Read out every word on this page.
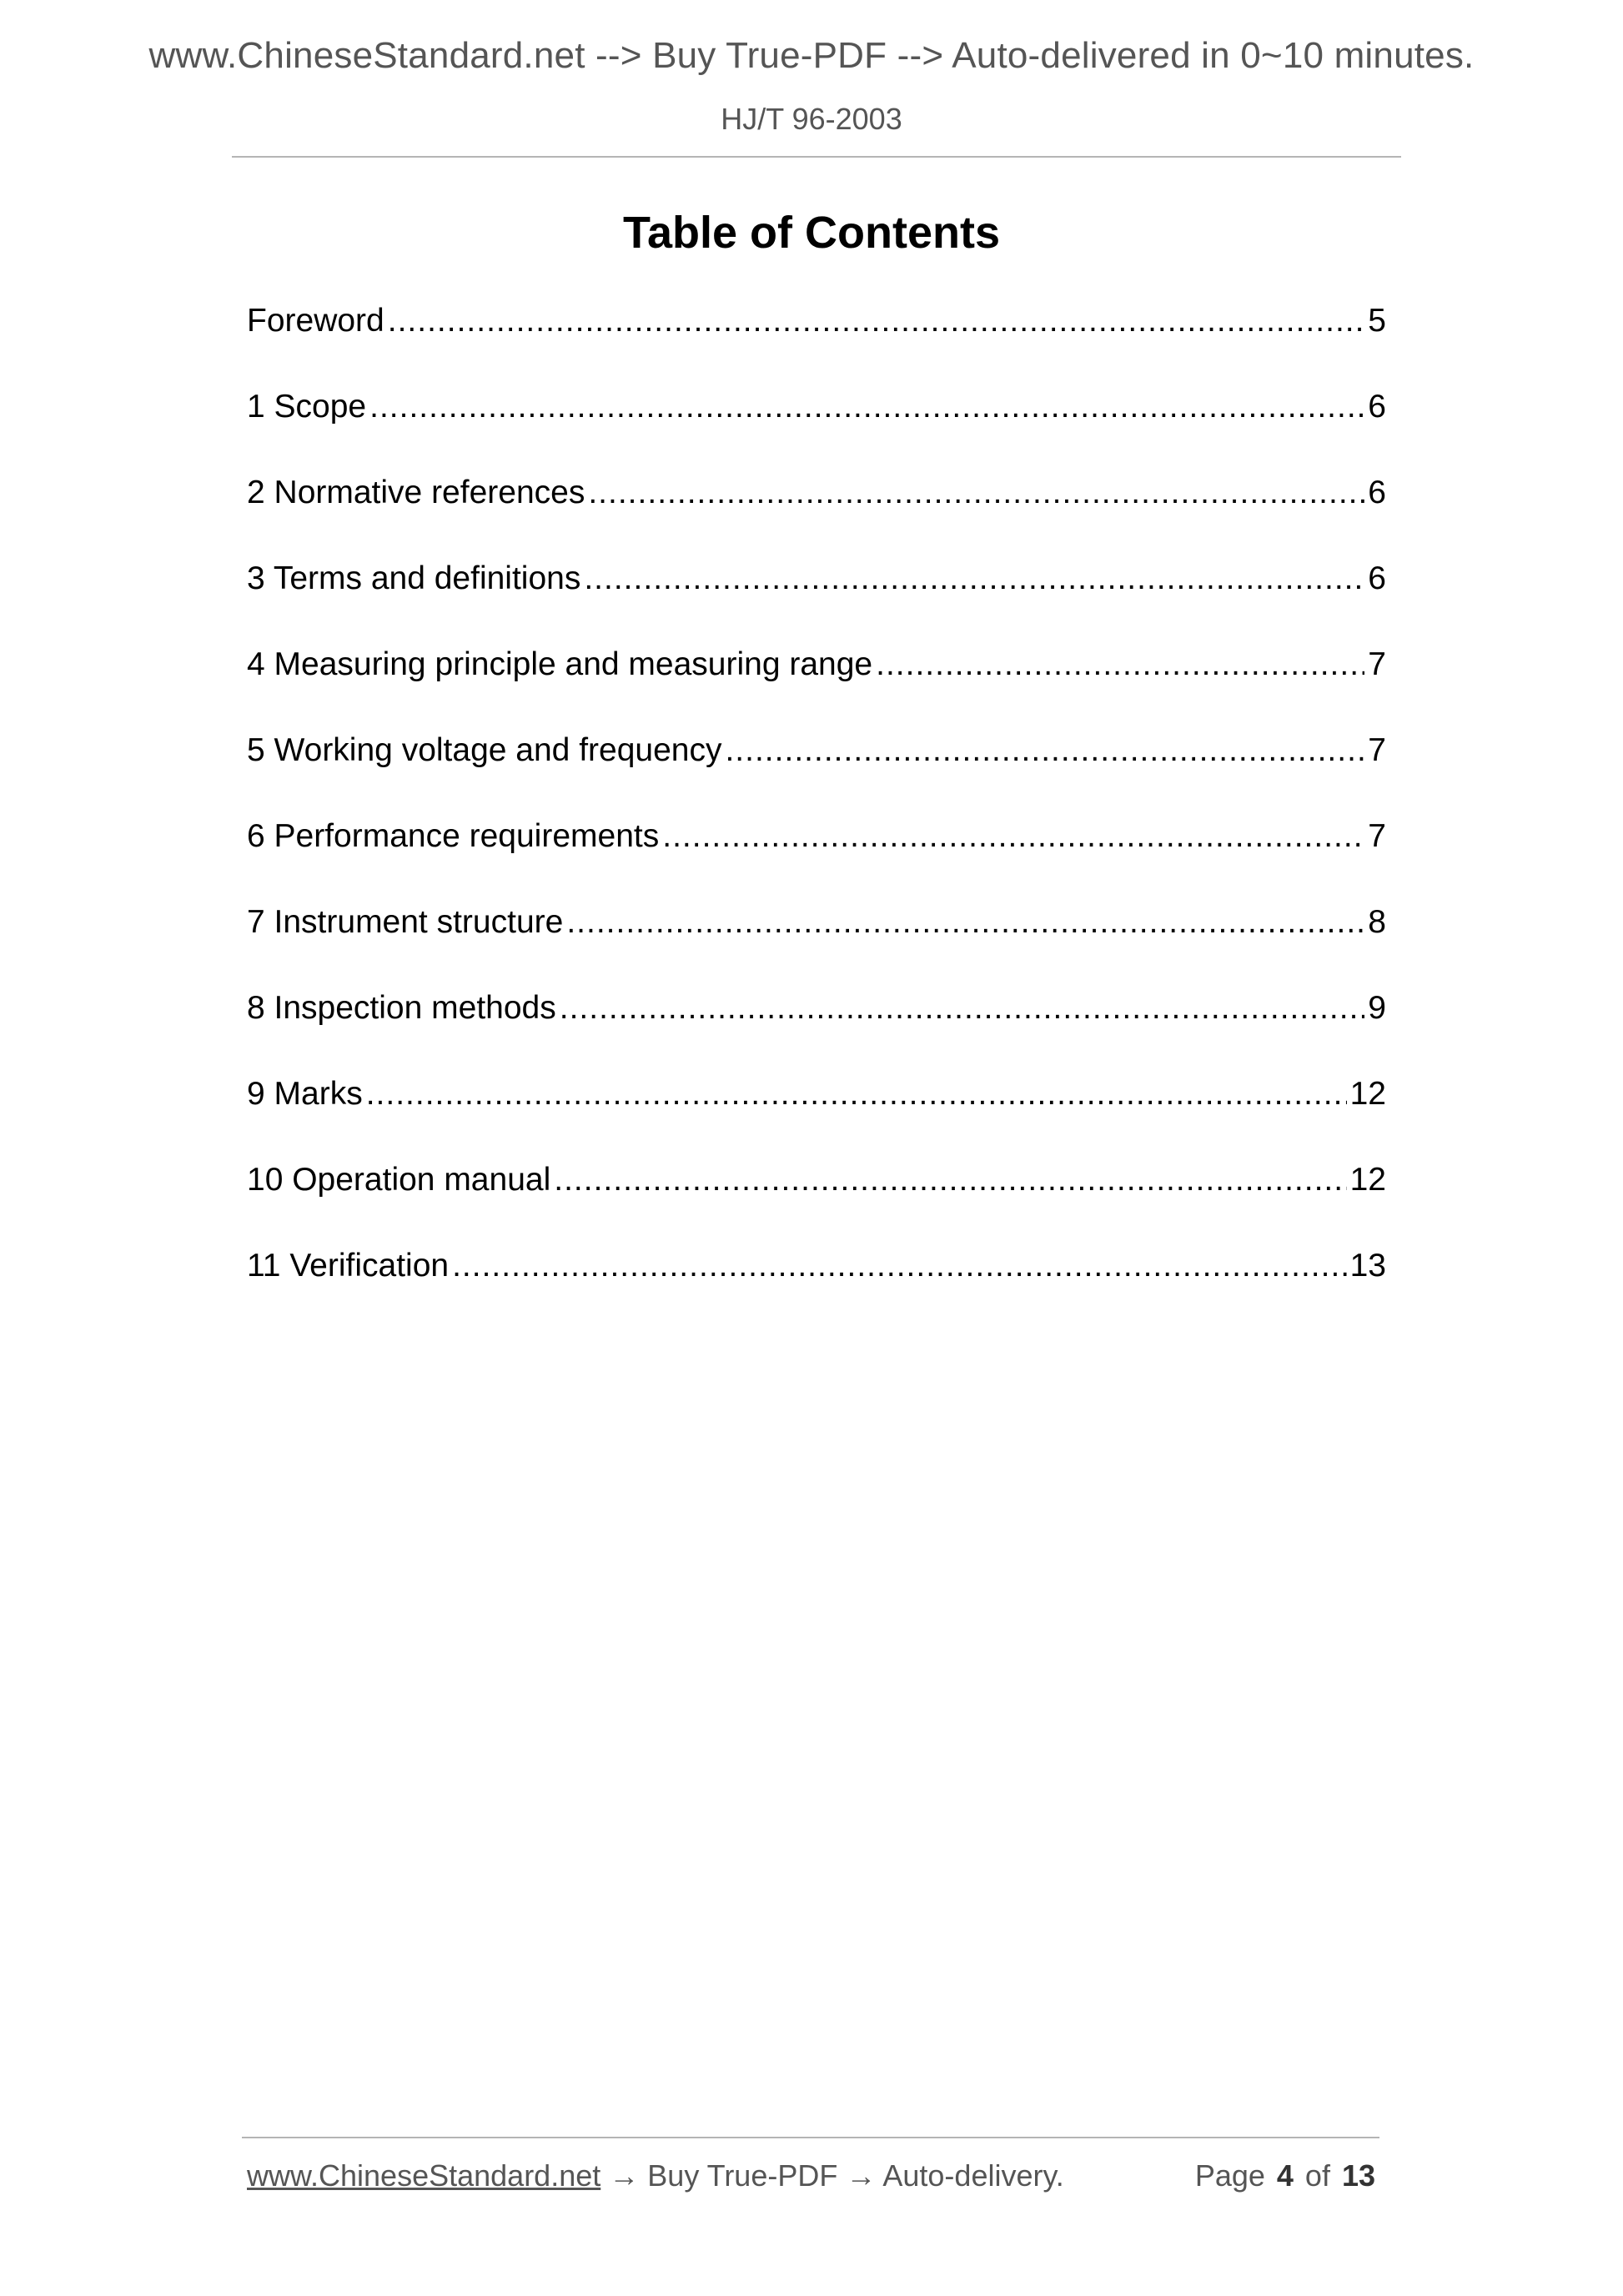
www.ChineseStandard.net --> Buy True-PDF --> Auto-delivered in 0~10 minutes.
HJ/T 96-2003
Table of Contents
Foreword .....	5
1 Scope .....	6
2 Normative references .....	6
3 Terms and definitions .....	6
4 Measuring principle and measuring range .....	7
5 Working voltage and frequency .....	7
6 Performance requirements .....	7
7 Instrument structure .....	8
8 Inspection methods .....	9
9 Marks .....	12
10 Operation manual .....	12
11 Verification .....	13
www.ChineseStandard.net → Buy True-PDF → Auto-delivery.	Page 4 of 13
